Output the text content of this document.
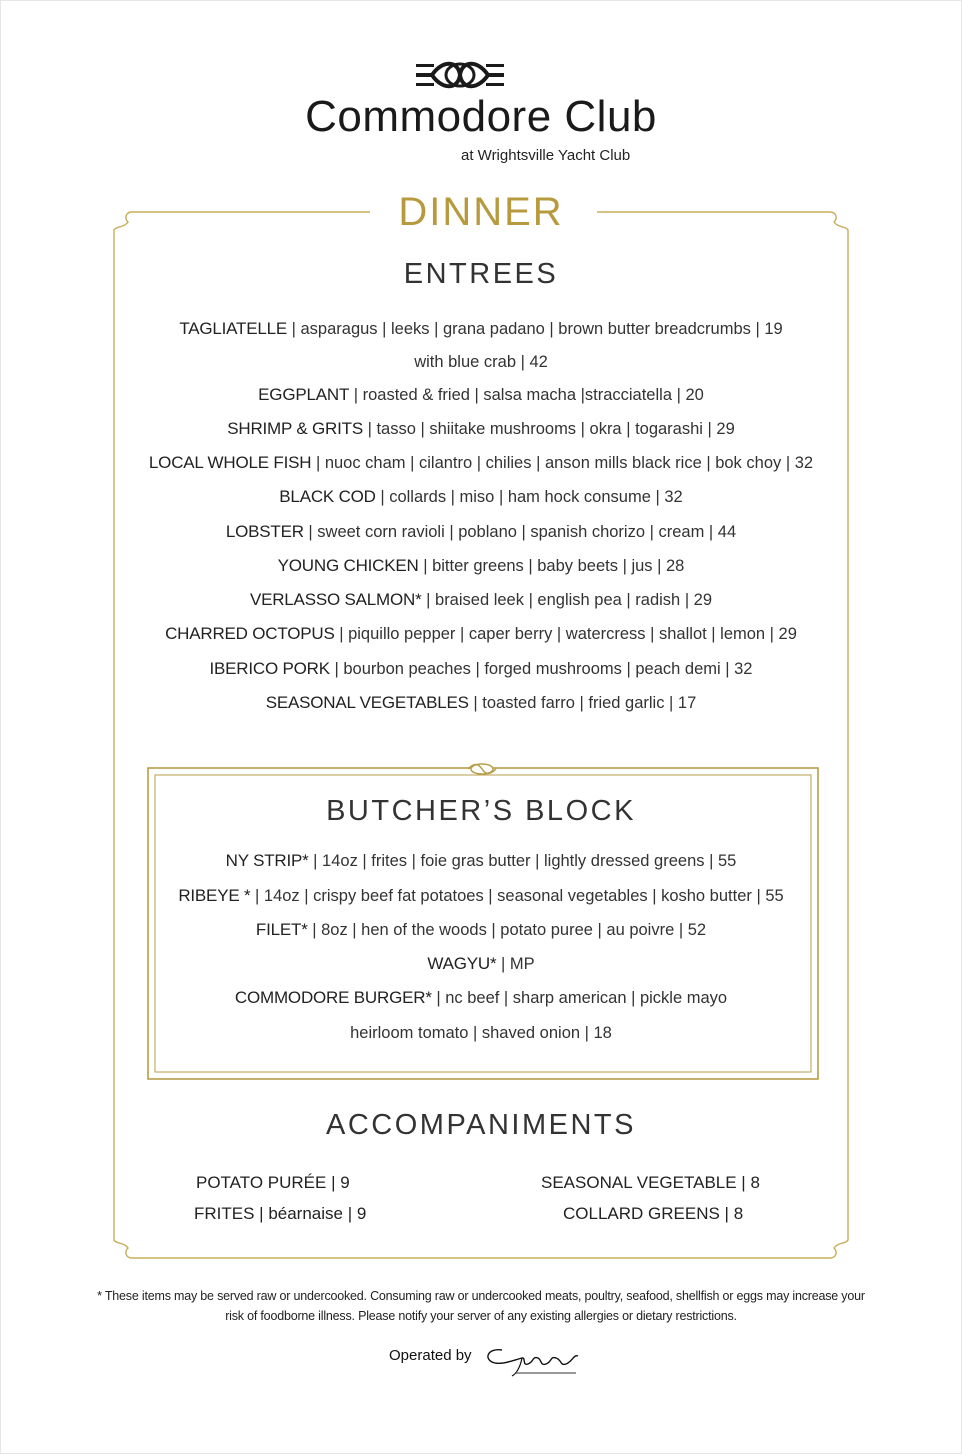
Commodore Club
at Wrightsville Yacht Club
DINNER
ENTREES
TAGLIATELLE | asparagus | leeks | grana padano | brown butter breadcrumbs | 19
with blue crab | 42
EGGPLANT | roasted & fried | salsa macha |stracciatella | 20
SHRIMP & GRITS | tasso | shiitake mushrooms | okra | togarashi | 29
LOCAL WHOLE FISH | nuoc cham | cilantro | chilies | anson mills black rice | bok choy | 32
BLACK COD | collards | miso | ham hock consume | 32
LOBSTER | sweet corn ravioli | poblano | spanish chorizo | cream | 44
YOUNG CHICKEN | bitter greens | baby beets | jus | 28
VERLASSO SALMON* | braised leek | english pea | radish | 29
CHARRED OCTOPUS | piquillo pepper | caper berry | watercress | shallot | lemon | 29
IBERICO PORK | bourbon peaches | forged mushrooms | peach demi | 32
SEASONAL VEGETABLES | toasted farro | fried garlic | 17
BUTCHER’S BLOCK
NY STRIP* | 14oz | frites | foie gras butter | lightly dressed greens | 55
RIBEYE * | 14oz | crispy beef fat potatoes | seasonal vegetables | kosho butter | 55
FILET* | 8oz | hen of the woods | potato puree | au poivre | 52
WAGYU* | MP
COMMODORE BURGER* | nc beef | sharp american | pickle mayo
heirloom tomato | shaved onion | 18
ACCOMPANIMENTS
POTATO PURÉE | 9
FRITES | béarnaise | 9
SEASONAL VEGETABLE | 8
COLLARD GREENS | 8
* These items may be served raw or undercooked. Consuming raw or undercooked meats, poultry, seafood, shellfish or eggs may increase your
risk of foodborne illness. Please notify your server of any existing allergies or dietary restrictions.
Operated by
